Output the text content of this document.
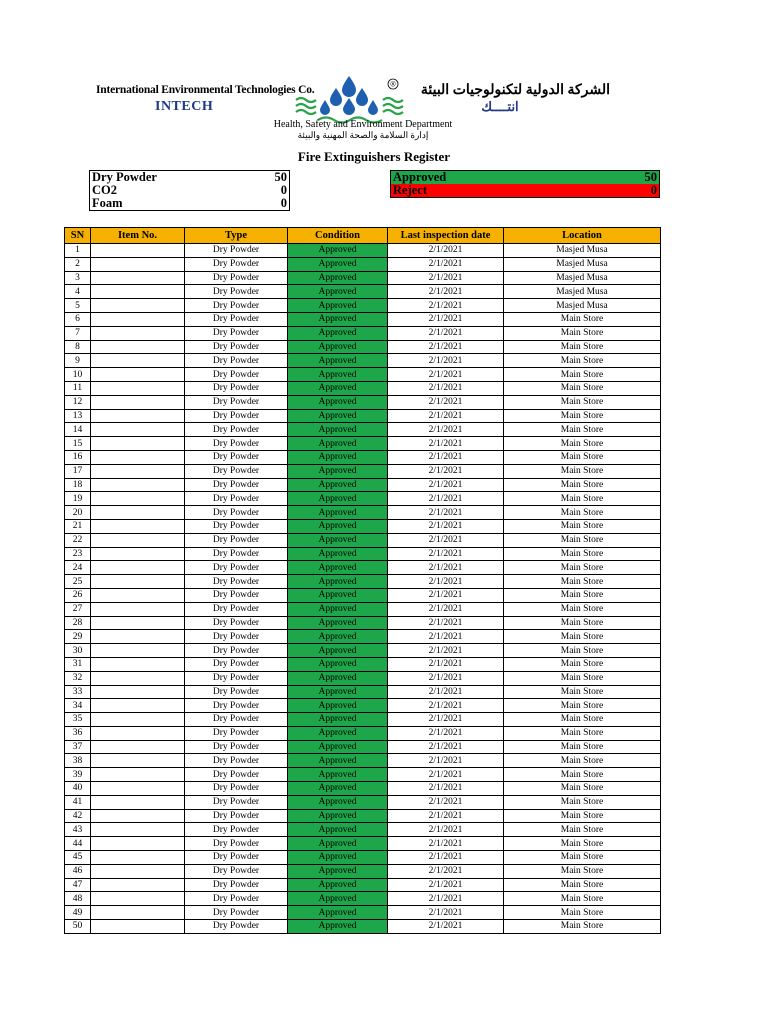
International Environmental Technologies Co.
INTECH
®	الشركة الدولية لتكنولوجيات البيئة
انتــــك
Health, Safety and Environment Department
إدارة السلامة والصحة المهنية والبيئة
Fire Extinguishers Register
Dry Powder	50
CO2	0
Foam	0
Approved	50
Reject	0
SN	Item No.	Type	Condition	Last inspection date	Location
1		Dry Powder	Approved	2/1/2021	Masjed Musa
2		Dry Powder	Approved	2/1/2021	Masjed Musa
3		Dry Powder	Approved	2/1/2021	Masjed Musa
4		Dry Powder	Approved	2/1/2021	Masjed Musa
5		Dry Powder	Approved	2/1/2021	Masjed Musa
6		Dry Powder	Approved	2/1/2021	Main Store
7		Dry Powder	Approved	2/1/2021	Main Store
8		Dry Powder	Approved	2/1/2021	Main Store
9		Dry Powder	Approved	2/1/2021	Main Store
10		Dry Powder	Approved	2/1/2021	Main Store
11		Dry Powder	Approved	2/1/2021	Main Store
12		Dry Powder	Approved	2/1/2021	Main Store
13		Dry Powder	Approved	2/1/2021	Main Store
14		Dry Powder	Approved	2/1/2021	Main Store
15		Dry Powder	Approved	2/1/2021	Main Store
16		Dry Powder	Approved	2/1/2021	Main Store
17		Dry Powder	Approved	2/1/2021	Main Store
18		Dry Powder	Approved	2/1/2021	Main Store
19		Dry Powder	Approved	2/1/2021	Main Store
20		Dry Powder	Approved	2/1/2021	Main Store
21		Dry Powder	Approved	2/1/2021	Main Store
22		Dry Powder	Approved	2/1/2021	Main Store
23		Dry Powder	Approved	2/1/2021	Main Store
24		Dry Powder	Approved	2/1/2021	Main Store
25		Dry Powder	Approved	2/1/2021	Main Store
26		Dry Powder	Approved	2/1/2021	Main Store
27		Dry Powder	Approved	2/1/2021	Main Store
28		Dry Powder	Approved	2/1/2021	Main Store
29		Dry Powder	Approved	2/1/2021	Main Store
30		Dry Powder	Approved	2/1/2021	Main Store
31		Dry Powder	Approved	2/1/2021	Main Store
32		Dry Powder	Approved	2/1/2021	Main Store
33		Dry Powder	Approved	2/1/2021	Main Store
34		Dry Powder	Approved	2/1/2021	Main Store
35		Dry Powder	Approved	2/1/2021	Main Store
36		Dry Powder	Approved	2/1/2021	Main Store
37		Dry Powder	Approved	2/1/2021	Main Store
38		Dry Powder	Approved	2/1/2021	Main Store
39		Dry Powder	Approved	2/1/2021	Main Store
40		Dry Powder	Approved	2/1/2021	Main Store
41		Dry Powder	Approved	2/1/2021	Main Store
42		Dry Powder	Approved	2/1/2021	Main Store
43		Dry Powder	Approved	2/1/2021	Main Store
44		Dry Powder	Approved	2/1/2021	Main Store
45		Dry Powder	Approved	2/1/2021	Main Store
46		Dry Powder	Approved	2/1/2021	Main Store
47		Dry Powder	Approved	2/1/2021	Main Store
48		Dry Powder	Approved	2/1/2021	Main Store
49		Dry Powder	Approved	2/1/2021	Main Store
50		Dry Powder	Approved	2/1/2021	Main Store
